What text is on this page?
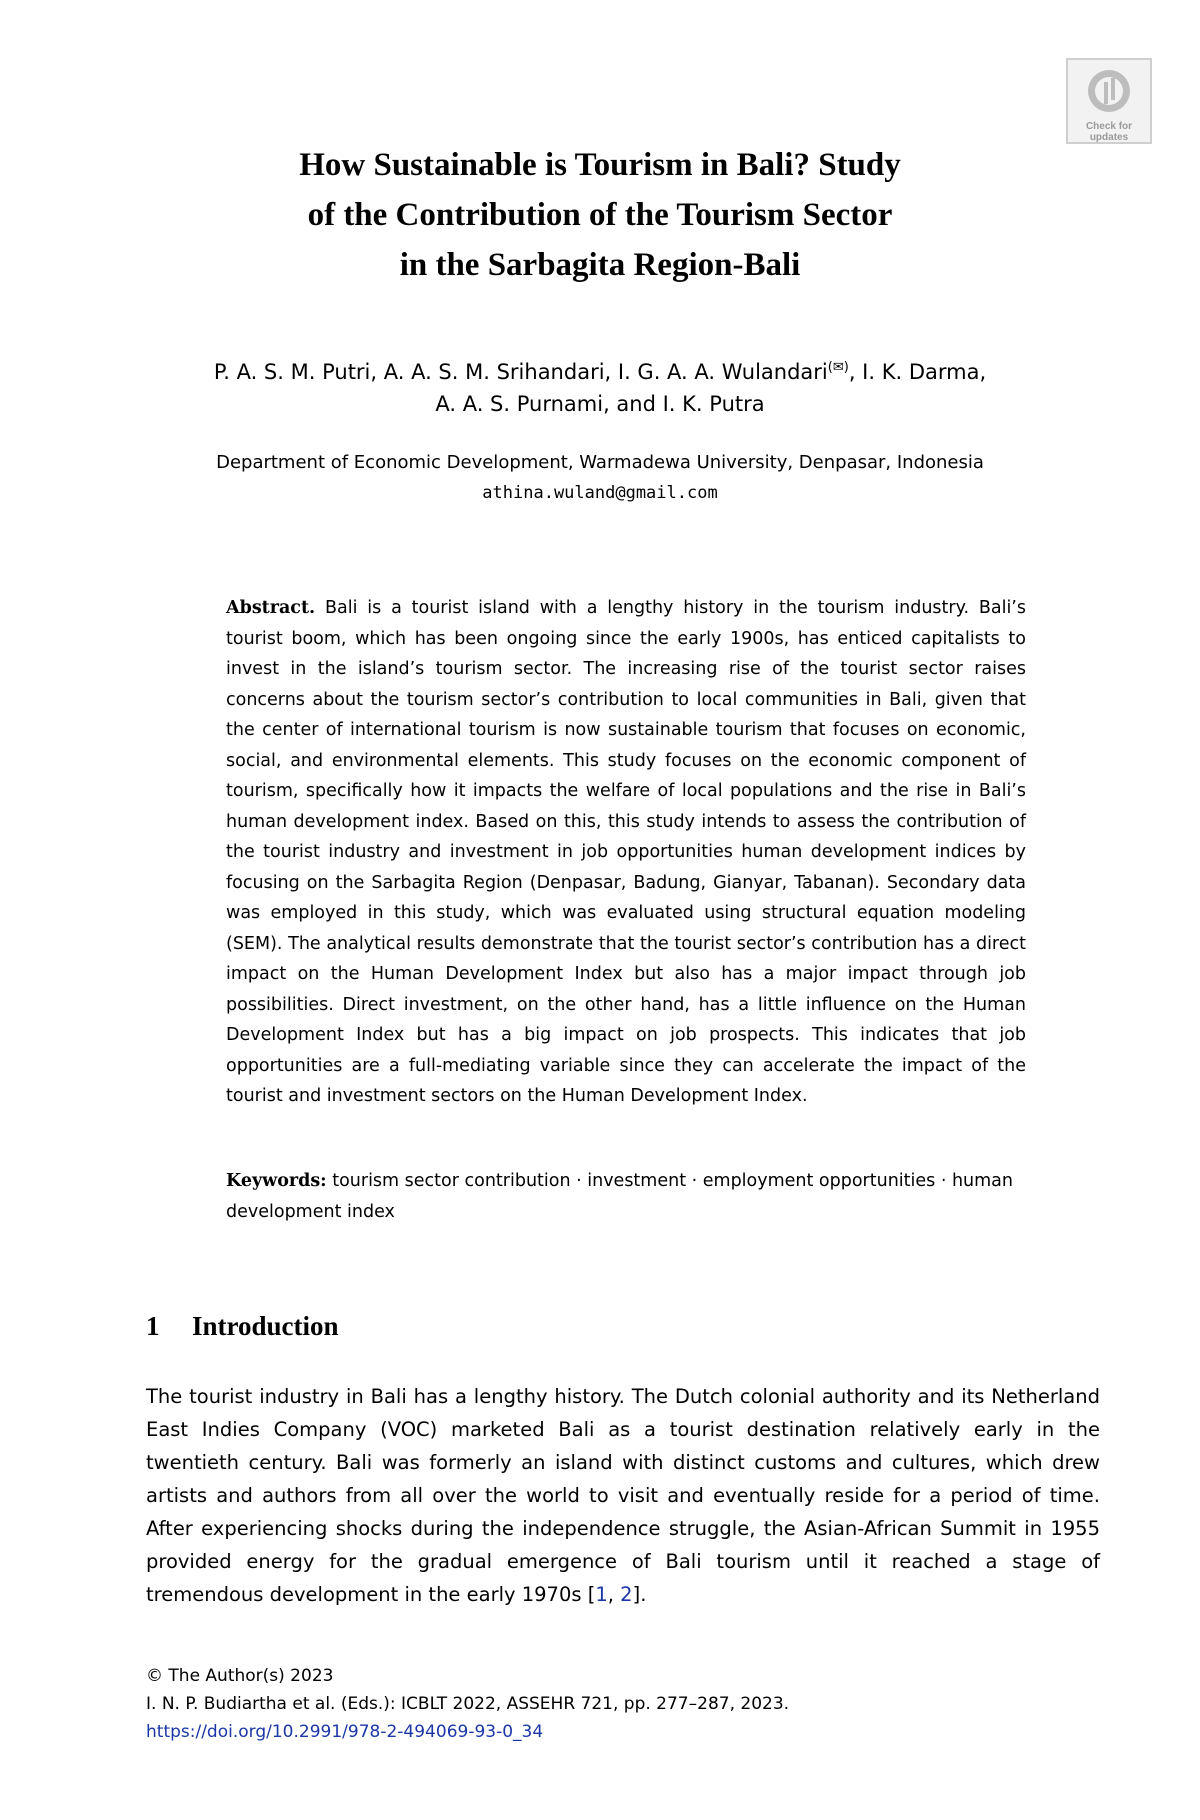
Check for updates
How Sustainable is Tourism in Bali? Study
of the Contribution of the Tourism Sector
in the Sarbagita Region-Bali
P. A. S. M. Putri, A. A. S. M. Srihandari, I. G. A. A. Wulandari(✉), I. K. Darma,
A. A. S. Purnami, and I. K. Putra
Department of Economic Development, Warmadewa University, Denpasar, Indonesia
athina.wuland@gmail.com
Abstract. Bali is a tourist island with a lengthy history in the tourism industry. Bali’s tourist boom, which has been ongoing since the early 1900s, has enticed capitalists to invest in the island’s tourism sector. The increasing rise of the tourist sector raises concerns about the tourism sector’s contribution to local communities in Bali, given that the center of international tourism is now sustainable tourism that focuses on economic, social, and environmental elements. This study focuses on the economic component of tourism, specifically how it impacts the welfare of local populations and the rise in Bali’s human development index. Based on this, this study intends to assess the contribution of the tourist industry and investment in job opportunities human development indices by focusing on the Sarbagita Region (Denpasar, Badung, Gianyar, Tabanan). Secondary data was employed in this study, which was evaluated using structural equation modeling (SEM). The analytical results demonstrate that the tourist sector’s contribution has a direct impact on the Human Development Index but also has a major impact through job possibilities. Direct investment, on the other hand, has a little influence on the Human Development Index but has a big impact on job prospects. This indicates that job opportunities are a full-mediating variable since they can accelerate the impact of the tourist and investment sectors on the Human Development Index.
Keywords: tourism sector contribution · investment · employment opportunities · human development index
1 Introduction
The tourist industry in Bali has a lengthy history. The Dutch colonial authority and its Netherland East Indies Company (VOC) marketed Bali as a tourist destination relatively early in the twentieth century. Bali was formerly an island with distinct customs and cultures, which drew artists and authors from all over the world to visit and eventually reside for a period of time. After experiencing shocks during the independence struggle, the Asian-African Summit in 1955 provided energy for the gradual emergence of Bali tourism until it reached a stage of tremendous development in the early 1970s [1, 2].
© The Author(s) 2023
I. N. P. Budiartha et al. (Eds.): ICBLT 2022, ASSEHR 721, pp. 277–287, 2023.
https://doi.org/10.2991/978-2-494069-93-0_34
